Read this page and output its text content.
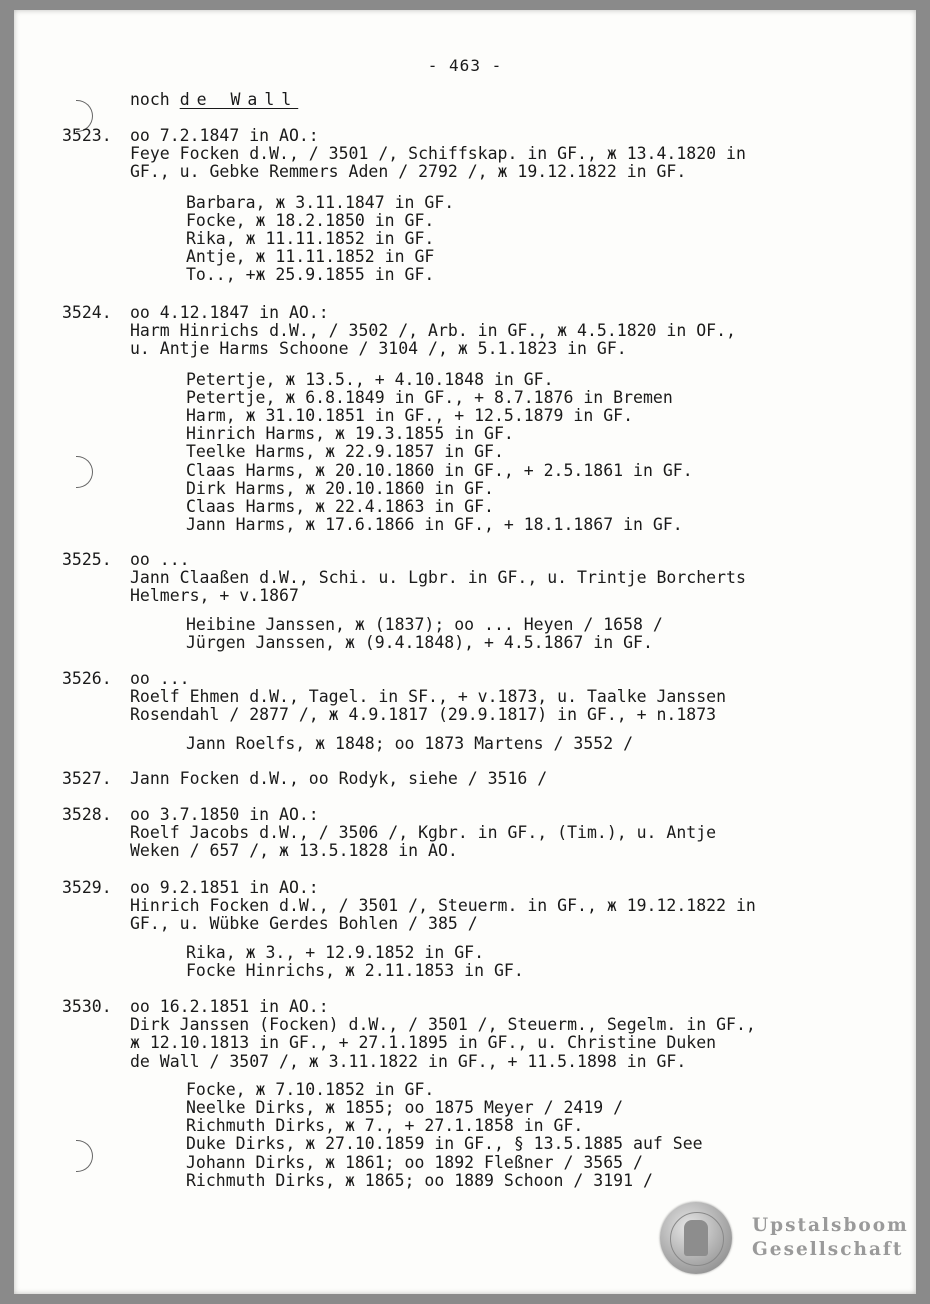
- 463 -
noch de Wall
3523. oo 7.2.1847 in AO.:
Feye Focken d.W., / 3501 /, Schiffskap. in GF., ж 13.4.1820 in
GF., u. Gebke Remmers Aden / 2792 /, ж 19.12.1822 in GF.
Barbara, ж 3.11.1847 in GF.
Focke, ж 18.2.1850 in GF.
Rika, ж 11.11.1852 in GF.
Antje, ж 11.11.1852 in GF
To.., +ж 25.9.1855 in GF.
3524. oo 4.12.1847 in AO.:
Harm Hinrichs d.W., / 3502 /, Arb. in GF., ж 4.5.1820 in OF.,
u. Antje Harms Schoone / 3104 /, ж 5.1.1823 in GF.
Petertje, ж 13.5., + 4.10.1848 in GF.
Petertje, ж 6.8.1849 in GF., + 8.7.1876 in Bremen
Harm, ж 31.10.1851 in GF., + 12.5.1879 in GF.
Hinrich Harms, ж 19.3.1855 in GF.
Teelke Harms, ж 22.9.1857 in GF.
Claas Harms, ж 20.10.1860 in GF., + 2.5.1861 in GF.
Dirk Harms, ж 20.10.1860 in GF.
Claas Harms, ж 22.4.1863 in GF.
Jann Harms, ж 17.6.1866 in GF., + 18.1.1867 in GF.
3525. oo ...
Jann Claaßen d.W., Schi. u. Lgbr. in GF., u. Trintje Borcherts
Helmers, + v.1867
Heibine Janssen, ж (1837); oo ... Heyen / 1658 /
Jürgen Janssen, ж (9.4.1848), + 4.5.1867 in GF.
3526. oo ...
Roelf Ehmen d.W., Tagel. in SF., + v.1873, u. Taalke Janssen
Rosendahl / 2877 /, ж 4.9.1817 (29.9.1817) in GF., + n.1873
Jann Roelfs, ж 1848; oo 1873 Martens / 3552 /
3527. Jann Focken d.W., oo Rodyk, siehe / 3516 /
3528. oo 3.7.1850 in AO.:
Roelf Jacobs d.W., / 3506 /, Kgbr. in GF., (Tim.), u. Antje
Weken / 657 /, ж 13.5.1828 in AO.
3529. oo 9.2.1851 in AO.:
Hinrich Focken d.W., / 3501 /, Steuerm. in GF., ж 19.12.1822 in
GF., u. Wübke Gerdes Bohlen / 385 /
Rika, ж 3., + 12.9.1852 in GF.
Focke Hinrichs, ж 2.11.1853 in GF.
3530. oo 16.2.1851 in AO.:
Dirk Janssen (Focken) d.W., / 3501 /, Steuerm., Segelm. in GF.,
ж 12.10.1813 in GF., + 27.1.1895 in GF., u. Christine Duken
de Wall / 3507 /, ж 3.11.1822 in GF., + 11.5.1898 in GF.
Focke, ж 7.10.1852 in GF.
Neelke Dirks, ж 1855; oo 1875 Meyer / 2419 /
Richmuth Dirks, ж 7., + 27.1.1858 in GF.
Duke Dirks, ж 27.10.1859 in GF., § 13.5.1885 auf See
Johann Dirks, ж 1861; oo 1892 Fleßner / 3565 /
Richmuth Dirks, ж 1865; oo 1889 Schoon / 3191 /
Upstalsboom
Gesellschaft
